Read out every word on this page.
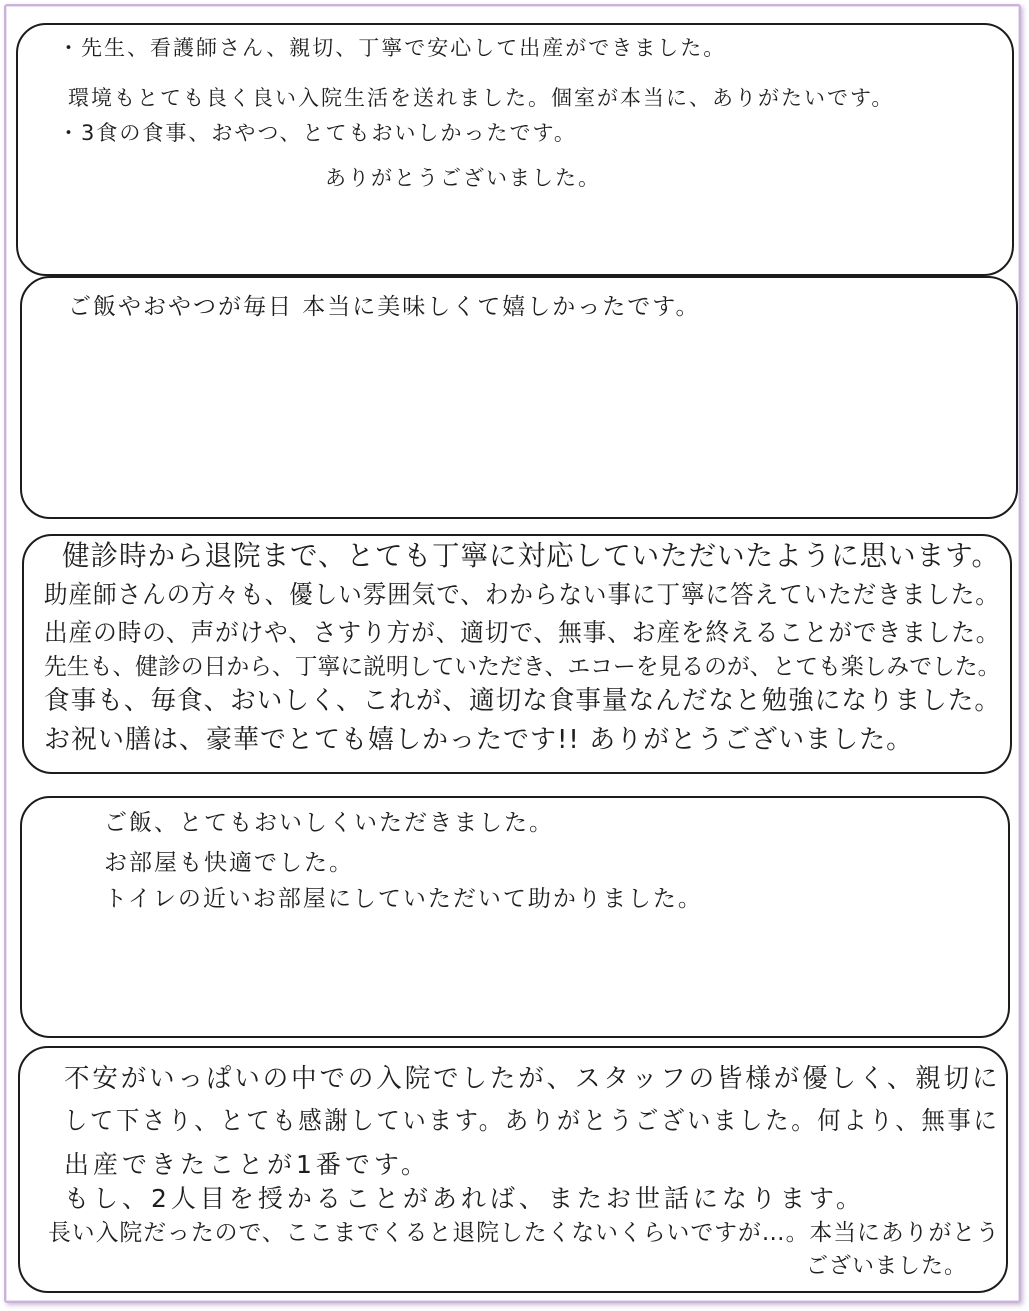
・先生、看護師さん、親切、丁寧で安心して出産ができました。
環境もとても良く良い入院生活を送れました。個室が本当に、ありがたいです。
・3食の食事、おやつ、とてもおいしかったです。
ありがとうございました。
ご飯やおやつが毎日 本当に美味しくて嬉しかったです。
健診時から退院まで、とても丁寧に対応していただいたように思います。
助産師さんの方々も、優しい雰囲気で、わからない事に丁寧に答えていただきました。
出産の時の、声がけや、さすり方が、適切で、無事、お産を終えることができました。
先生も、健診の日から、丁寧に説明していただき、エコーを見るのが、とても楽しみでした。
食事も、毎食、おいしく、これが、適切な食事量なんだなと勉強になりました。
お祝い膳は、豪華でとても嬉しかったです!! ありがとうございました。
ご飯、とてもおいしくいただきました。
お部屋も快適でした。
トイレの近いお部屋にしていただいて助かりました。
不安がいっぱいの中での入院でしたが、スタッフの皆様が優しく、親切に
して下さり、とても感謝しています。ありがとうございました。何より、無事に
出産できたことが1番です。
もし、2人目を授かることがあれば、またお世話になります。
長い入院だったので、ここまでくると退院したくないくらいですが…。本当にありがとう
ございました。
